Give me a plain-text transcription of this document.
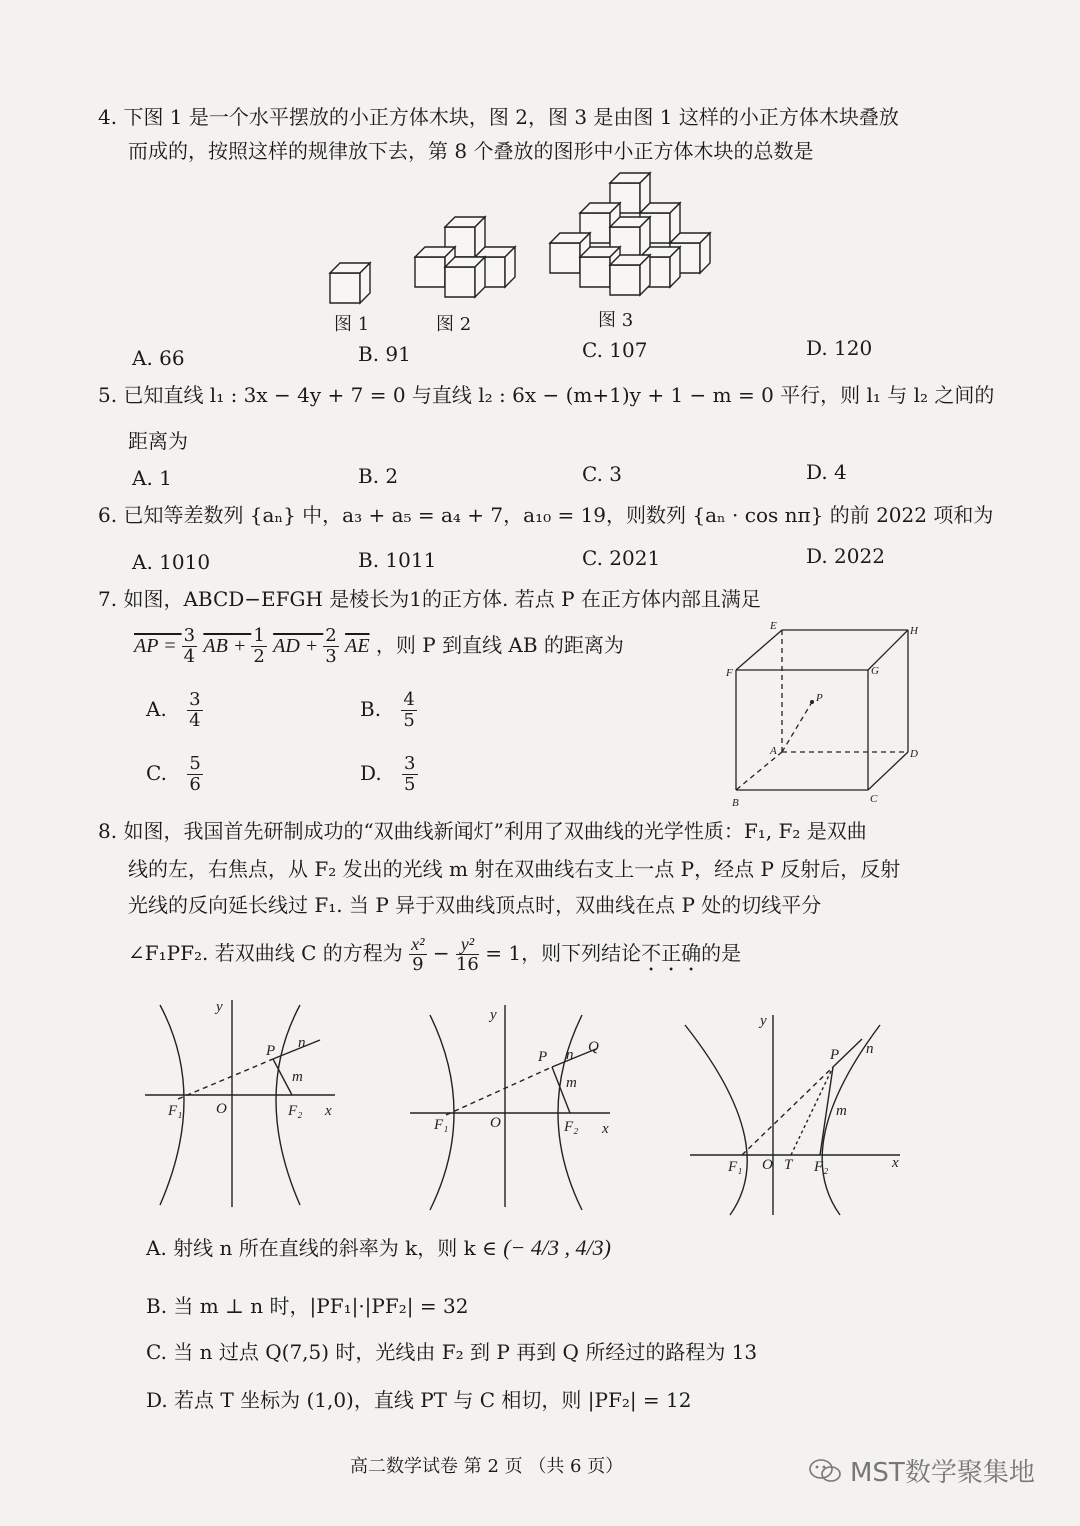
4. 下图 1 是一个水平摆放的小正方体木块，图 2，图 3 是由图 1 这样的小正方体木块叠放
而成的，按照这样的规律放下去，第 8 个叠放的图形中小正方体木块的总数是
图 1	图 2	图 3
A. 66	B. 91	C. 107	D. 120
5. 已知直线 l₁ : 3x − 4y + 7 = 0 与直线 l₂ : 6x − (m+1)y + 1 − m = 0 平行，则 l₁ 与 l₂ 之间的
距离为
A. 1	B. 2	C. 3	D. 4
6. 已知等差数列 {aₙ} 中，a₃ + a₅ = a₄ + 7，a₁₀ = 19，则数列 {aₙ · cos nπ} 的前 2022 项和为
A. 1010	B. 1011	C. 2021	D. 2022
7. 如图，ABCD−EFGH 是棱长为1的正方体. 若点 P 在正方体内部且满足
AP = $\frac{3}{4}$ AB + $\frac{1}{2}$ AD + $\frac{2}{3} \overline{AE}$ ，则 P 到直线 AB 的距离为
A. $\frac{3}{4}$	B. $\frac{4}{5}$
C. $\frac{5}{6}$	D. $\frac{3}{5}$
E	H
F	G
P
A	D
B	C
8. 如图，我国首先研制成功的“双曲线新闻灯”利用了双曲线的光学性质：F₁, F₂ 是双曲
线的左，右焦点，从 F₂ 发出的光线 m 射在双曲线右支上一点 P，经点 P 反射后，反射
光线的反向延长线过 F₁. 当 P 异于双曲线顶点时，双曲线在点 P 处的切线平分
∠F₁PF₂. 若双曲线 C 的方程为 $\frac{\text{x²}}{9} - \frac{\text{y²}}{16} = 1$，则下列结论不正确的是
y
x
P n
m
F₁ O	F₂
y
x
P n Q
m
F₁	O	F₂
y
x
P n
m
F₁ O T F₂
A. 射线 n 所在直线的斜率为 k，则 k ∈ (− 4/3 , 4/3)
B. 当 m ⊥ n 时，|PF₁|·|PF₂| = 32
C. 当 n 过点 Q(7,5) 时，光线由 F₂ 到 P 再到 Q 所经过的路程为 13
D. 若点 T 坐标为 (1,0)，直线 PT 与 C 相切，则 |PF₂| = 12
高二数学试卷 第 2 页 （共 6 页）	MST数学聚集地
